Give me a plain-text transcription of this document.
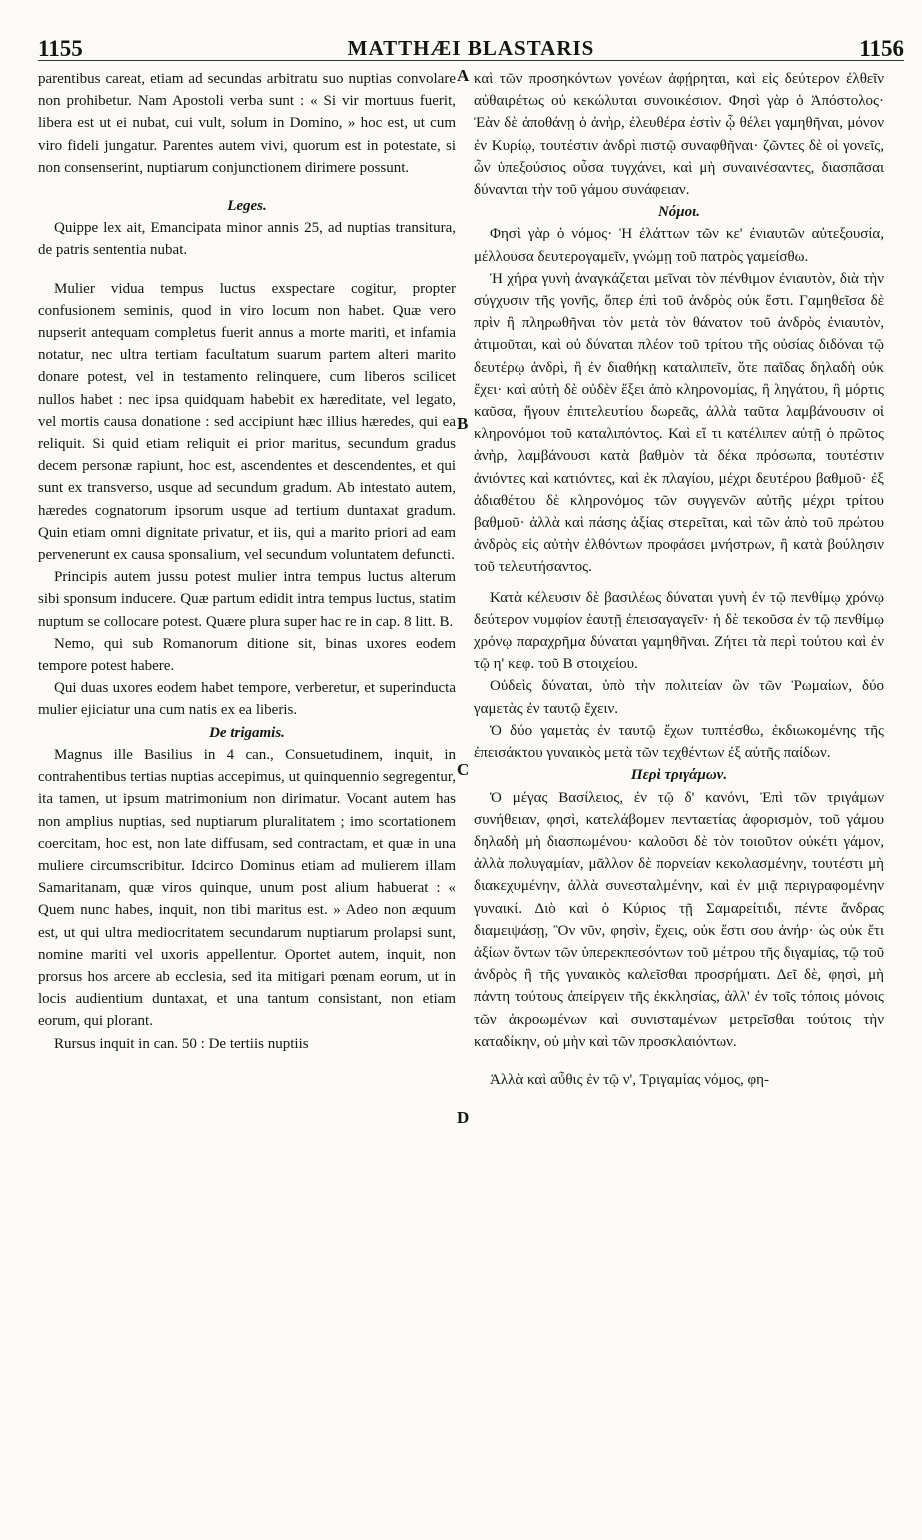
1155	MATTHÆI BLASTARIS	1156
A
B
C
D

parentibus careat, etiam ad secundas arbitratu suo nuptias convolare non prohibetur. Nam Apostoli verba sunt : « Si vir mortuus fuerit, libera est ut ei nubat, cui vult, solum in Domino, » hoc est, ut cum viro fideli jungatur. Parentes autem vivi, quorum est in potestate, si non consenserint, nuptiarum conjunctionem dirimere possunt.

Leges.

Quippe lex ait, Emancipata minor annis 25, ad nuptias transitura, de patris sententia nubat.

Mulier vidua tempus luctus exspectare cogitur, propter confusionem seminis, quod in viro locum non habet. Quæ vero nupserit antequam completus fuerit annus a morte mariti, et infamia notatur, nec ultra tertiam facultatum suarum partem alteri marito donare potest, vel in testamento relinquere, cum liberos scilicet nullos habet : nec ipsa quidquam habebit ex hæreditate, vel legato, vel mortis causa donatione : sed accipiunt hæc illius hæredes, qui ea reliquit. Si quid etiam reliquit ei prior maritus, secundum gradus decem personæ rapiunt, hoc est, ascendentes et descendentes, et qui sunt ex transverso, usque ad secundum gradum. Ab intestato autem, hæredes cognatorum ipsorum usque ad tertium duntaxat gradum. Quin etiam omni dignitate privatur, et iis, qui a marito priori ad eam pervenerunt ex causa sponsalium, vel secundum voluntatem defuncti.

Principis autem jussu potest mulier intra tempus luctus alterum sibi sponsum inducere. Quæ partum edidit intra tempus luctus, statim nuptum se collocare potest. Quære plura super hac re in cap. 8 litt. B.

Nemo, qui sub Romanorum ditione sit, binas uxores eodem tempore potest habere.

Qui duas uxores eodem habet tempore, verberetur, et superinducta mulier ejiciatur una cum natis ex ea liberis.

De trigamis.

Magnus ille Basilius in 4 can., Consuetudinem, inquit, in contrahentibus tertias nuptias accepimus, ut quinquennio segregentur, ita tamen, ut ipsum matrimonium non dirimatur. Vocant autem has non amplius nuptias, sed nuptiarum pluralitatem ; imo scortationem coercitam, hoc est, non late diffusam, sed contractam, et quæ in una muliere circumscribitur. Idcirco Dominus etiam ad mulierem illam Samaritanam, quæ viros quinque, unum post alium habuerat : « Quem nunc habes, inquit, non tibi maritus est. » Adeo non æquum est, ut qui ultra mediocritatem secundarum nuptiarum prolapsi sunt, nomine mariti vel uxoris appellentur. Oportet autem, inquit, non prorsus hos arcere ab ecclesia, sed ita mitigari pœnam eorum, ut in locis audientium duntaxat, et una tantum consistant, non etiam eorum, qui plorant.

Rursus inquit in can. 50 : De tertiis nuptiis

καὶ τῶν προσηκόντων γονέων ἀφῄρηται, καὶ εἰς δεύτερον ἐλθεῖν αὐθαιρέτως οὐ κεκώλυται συνοικέσιον. Φησὶ γὰρ ὁ Ἀπόστολος· Ἐὰν δὲ ἀποθάνῃ ὁ ἀνὴρ, ἐλευθέρα ἐστὶν ᾧ θέλει γαμηθῆναι, μόνον ἐν Κυρίῳ, τουτέστιν ἀνδρὶ πιστῷ συναφθῆναι· ζῶντες δὲ οἱ γονεῖς, ὧν ὑπεξούσιος οὖσα τυγχάνει, καὶ μὴ συναινέσαντες, διασπᾶσαι δύνανται τὴν τοῦ γάμου συνάφειαν.

Νόμοι.

Φησὶ γὰρ ὁ νόμος· Ἡ ἐλάττων τῶν κε' ἐνιαυτῶν αὐτεξουσία, μέλλουσα δευτερογαμεῖν, γνώμῃ τοῦ πατρὸς γαμείσθω.

Ἡ χήρα γυνὴ ἀναγκάζεται μεῖναι τὸν πένθιμον ἐνιαυτὸν, διὰ τὴν σύγχυσιν τῆς γονῆς, ὅπερ ἐπὶ τοῦ ἀνδρὸς οὐκ ἔστι. Γαμηθεῖσα δὲ πρὶν ἢ πληρωθῆναι τὸν μετὰ τὸν θάνατον τοῦ ἀνδρὸς ἐνιαυτὸν, ἀτιμοῦται, καὶ οὐ δύναται πλέον τοῦ τρίτου τῆς οὐσίας διδόναι τῷ δευτέρῳ ἀνδρὶ, ἢ ἐν διαθήκῃ καταλιπεῖν, ὅτε παῖδας δηλαδὴ οὐκ ἔχει· καὶ αὐτὴ δὲ οὐδὲν ἕξει ἀπὸ κληρονομίας, ἢ ληγάτου, ἢ μόρτις καῦσα, ἤγουν ἐπιτελευτίου δωρεᾶς, ἀλλὰ ταῦτα λαμβάνουσιν οἱ κληρονόμοι τοῦ καταλιπόντος. Καὶ εἴ τι κατέλιπεν αὐτῇ ὁ πρῶτος ἀνὴρ, λαμβάνουσι κατὰ βαθμὸν τὰ δέκα πρόσωπα, τουτέστιν ἀνιόντες καὶ κατιόντες, καὶ ἐκ πλαγίου, μέχρι δευτέρου βαθμοῦ· ἐξ ἀδιαθέτου δὲ κληρονόμος τῶν συγγενῶν αὐτῆς μέχρι τρίτου βαθμοῦ· ἀλλὰ καὶ πάσης ἀξίας στερεῖται, καὶ τῶν ἀπὸ τοῦ πρώτου ἀνδρὸς εἰς αὐτὴν ἐλθόντων προφάσει μνήστρων, ἢ κατὰ βούλησιν τοῦ τελευτήσαντος.

Κατὰ κέλευσιν δὲ βασιλέως δύναται γυνὴ ἐν τῷ πενθίμῳ χρόνῳ δεύτερον νυμφίον ἑαυτῇ ἐπεισαγαγεῖν· ἡ δὲ τεκοῦσα ἐν τῷ πενθίμῳ χρόνῳ παραχρῆμα δύναται γαμηθῆναι. Ζήτει τὰ περὶ τούτου καὶ ἐν τῷ η' κεφ. τοῦ Β στοιχείου.

Οὐδεὶς δύναται, ὑπὸ τὴν πολιτείαν ὢν τῶν Ῥωμαίων, δύο γαμετὰς ἐν ταυτῷ ἔχειν.

Ὁ δύο γαμετὰς ἐν ταυτῷ ἔχων τυπτέσθω, ἐκδιωκομένης τῆς ἐπεισάκτου γυναικὸς μετὰ τῶν τεχθέντων ἐξ αὐτῆς παίδων.

Περὶ τριγάμων.

Ὁ μέγας Βασίλειος, ἐν τῷ δ' κανόνι, Ἐπὶ τῶν τριγάμων συνήθειαν, φησὶ, κατελάβομεν πενταετίας ἀφορισμὸν, τοῦ γάμου δηλαδὴ μὴ διασπωμένου· καλοῦσι δὲ τὸν τοιοῦτον οὐκέτι γάμον, ἀλλὰ πολυγαμίαν, μᾶλλον δὲ πορνείαν κεκολασμένην, τουτέστι μὴ διακεχυμένην, ἀλλὰ συνεσταλμένην, καὶ ἐν μιᾷ περιγραφομένην γυναικί. Διὸ καὶ ὁ Κύριος τῇ Σαμαρείτιδι, πέντε ἄνδρας διαμειψάσῃ, Ὃν νῦν, φησὶν, ἔχεις, οὐκ ἔστι σου ἀνήρ· ὡς οὐκ ἔτι ἀξίων ὄντων τῶν ὑπερεκπεσόντων τοῦ μέτρου τῆς διγαμίας, τῷ τοῦ ἀνδρὸς ἢ τῆς γυναικὸς καλεῖσθαι προσρήματι. Δεῖ δὲ, φησὶ, μὴ πάντη τούτους ἀπείργειν τῆς ἐκκλησίας, ἀλλ' ἐν τοῖς τόποις μόνοις τῶν ἀκροωμένων καὶ συνισταμένων μετρεῖσθαι τούτοις τὴν καταδίκην, οὐ μὴν καὶ τῶν προσκλαιόντων.

Ἀλλὰ καὶ αὖθις ἐν τῷ ν', Τριγαμίας νόμος, φη-
